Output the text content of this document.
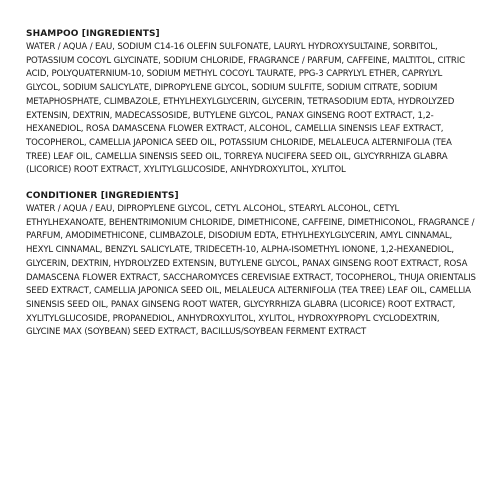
SHAMPOO [INGREDIENTS]

WATER / AQUA / EAU, SODIUM C14-16 OLEFIN SULFONATE, LAURYL HYDROXYSULTAINE, SORBITOL, POTASSIUM COCOYL GLYCINATE, SODIUM CHLORIDE, FRAGRANCE / PARFUM, CAFFEINE, MALTITOL, CITRIC ACID, POLYQUATERNIUM-10, SODIUM METHYL COCOYL TAURATE, PPG-3 CAPRYLYL ETHER, CAPRYLYL GLYCOL, SODIUM SALICYLATE, DIPROPYLENE GLYCOL, SODIUM SULFITE, SODIUM CITRATE, SODIUM METAPHOSPHATE, CLIMBAZOLE, ETHYLHEXYLGLYCERIN, GLYCERIN, TETRASODIUM EDTA, HYDROLYZED EXTENSIN, DEXTRIN, MADECASSOSIDE, BUTYLENE GLYCOL, PANAX GINSENG ROOT EXTRACT, 1,2-HEXANEDIOL, ROSA DAMASCENA FLOWER EXTRACT, ALCOHOL, CAMELLIA SINENSIS LEAF EXTRACT, TOCOPHEROL, CAMELLIA JAPONICA SEED OIL, POTASSIUM CHLORIDE, MELALEUCA ALTERNIFOLIA (TEA TREE) LEAF OIL, CAMELLIA SINENSIS SEED OIL, TORREYA NUCIFERA SEED OIL, GLYCYRRHIZA GLABRA (LICORICE) ROOT EXTRACT, XYLITYLGLUCOSIDE, ANHYDROXYLITOL, XYLITOL

CONDITIONER [INGREDIENTS]

WATER / AQUA / EAU, DIPROPYLENE GLYCOL, CETYL ALCOHOL, STEARYL ALCOHOL, CETYL ETHYLHEXANOATE, BEHENTRIMONIUM CHLORIDE, DIMETHICONE, CAFFEINE, DIMETHICONOL, FRAGRANCE / PARFUM, AMODIMETHICONE, CLIMBAZOLE, DISODIUM EDTA, ETHYLHEXYLGLYCERIN, AMYL CINNAMAL, HEXYL CINNAMAL, BENZYL SALICYLATE, TRIDECETH-10, ALPHA-ISOMETHYL IONONE, 1,2-HEXANEDIOL, GLYCERIN, DEXTRIN, HYDROLYZED EXTENSIN, BUTYLENE GLYCOL, PANAX GINSENG ROOT EXTRACT, ROSA DAMASCENA FLOWER EXTRACT, SACCHAROMYCES CEREVISIAE EXTRACT, TOCOPHEROL, THUJA ORIENTALIS SEED EXTRACT, CAMELLIA JAPONICA SEED OIL, MELALEUCA ALTERNIFOLIA (TEA TREE) LEAF OIL, CAMELLIA SINENSIS SEED OIL, PANAX GINSENG ROOT WATER, GLYCYRRHIZA GLABRA (LICORICE) ROOT EXTRACT, XYLITYLGLUCOSIDE, PROPANEDIOL, ANHYDROXYLITOL, XYLITOL, HYDROXYPROPYL CYCLODEXTRIN, GLYCINE MAX (SOYBEAN) SEED EXTRACT, BACILLUS/SOYBEAN FERMENT EXTRACT
